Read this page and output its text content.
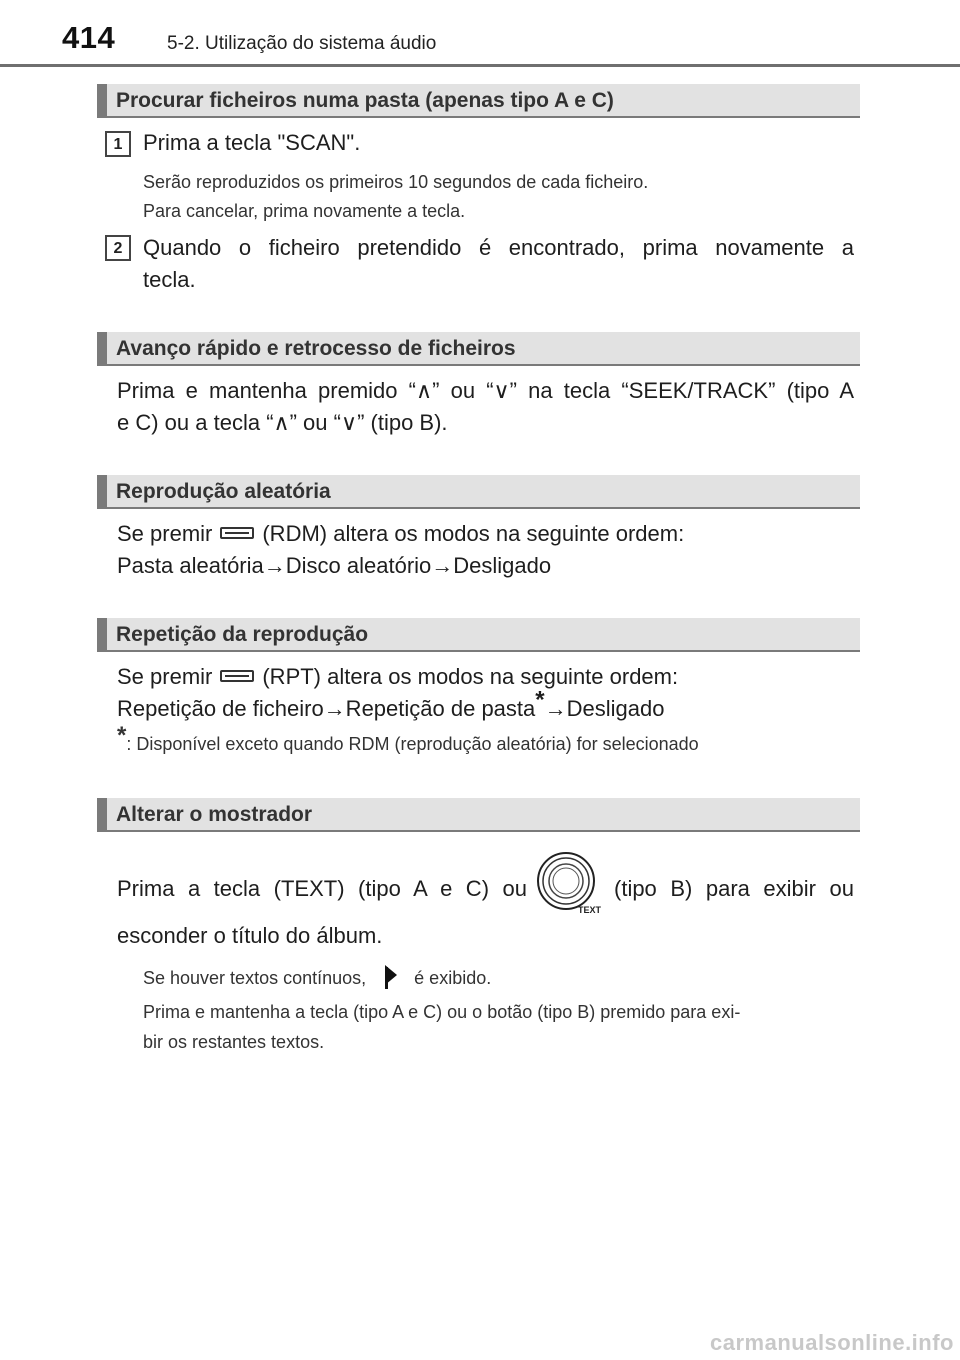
414	5-2. Utilização do sistema áudio
Procurar ficheiros numa pasta (apenas tipo A e C)
1 Prima a tecla "SCAN".
Serão reproduzidos os primeiros 10 segundos de cada ficheiro.
Para cancelar, prima novamente a tecla.
2 Quando o ficheiro pretendido é encontrado, prima novamente a
tecla.
Avanço rápido e retrocesso de ficheiros
Prima e mantenha premido “∧” ou “∨” na tecla “SEEK/TRACK” (tipo A
e C) ou a tecla “∧” ou “∨” (tipo B).
Reprodução aleatória
Se premir (RDM) altera os modos na seguinte ordem:
Pasta aleatória→Disco aleatório→Desligado
Repetição da reprodução
Se premir (RPT) altera os modos na seguinte ordem:
Repetição de ficheiro→Repetição de pasta*→Desligado
*: Disponível exceto quando RDM (reprodução aleatória) for selecionado
Alterar o mostrador
Prima a tecla (TEXT) (tipo A e C) ou
TEXT
(tipo B) para exibir ou
esconder o título do álbum.
Se houver textos contínuos,	é exibido.
Prima e mantenha a tecla (tipo A e C) ou o botão (tipo B) premido para exi-
bir os restantes textos.
carmanualsonline.info
